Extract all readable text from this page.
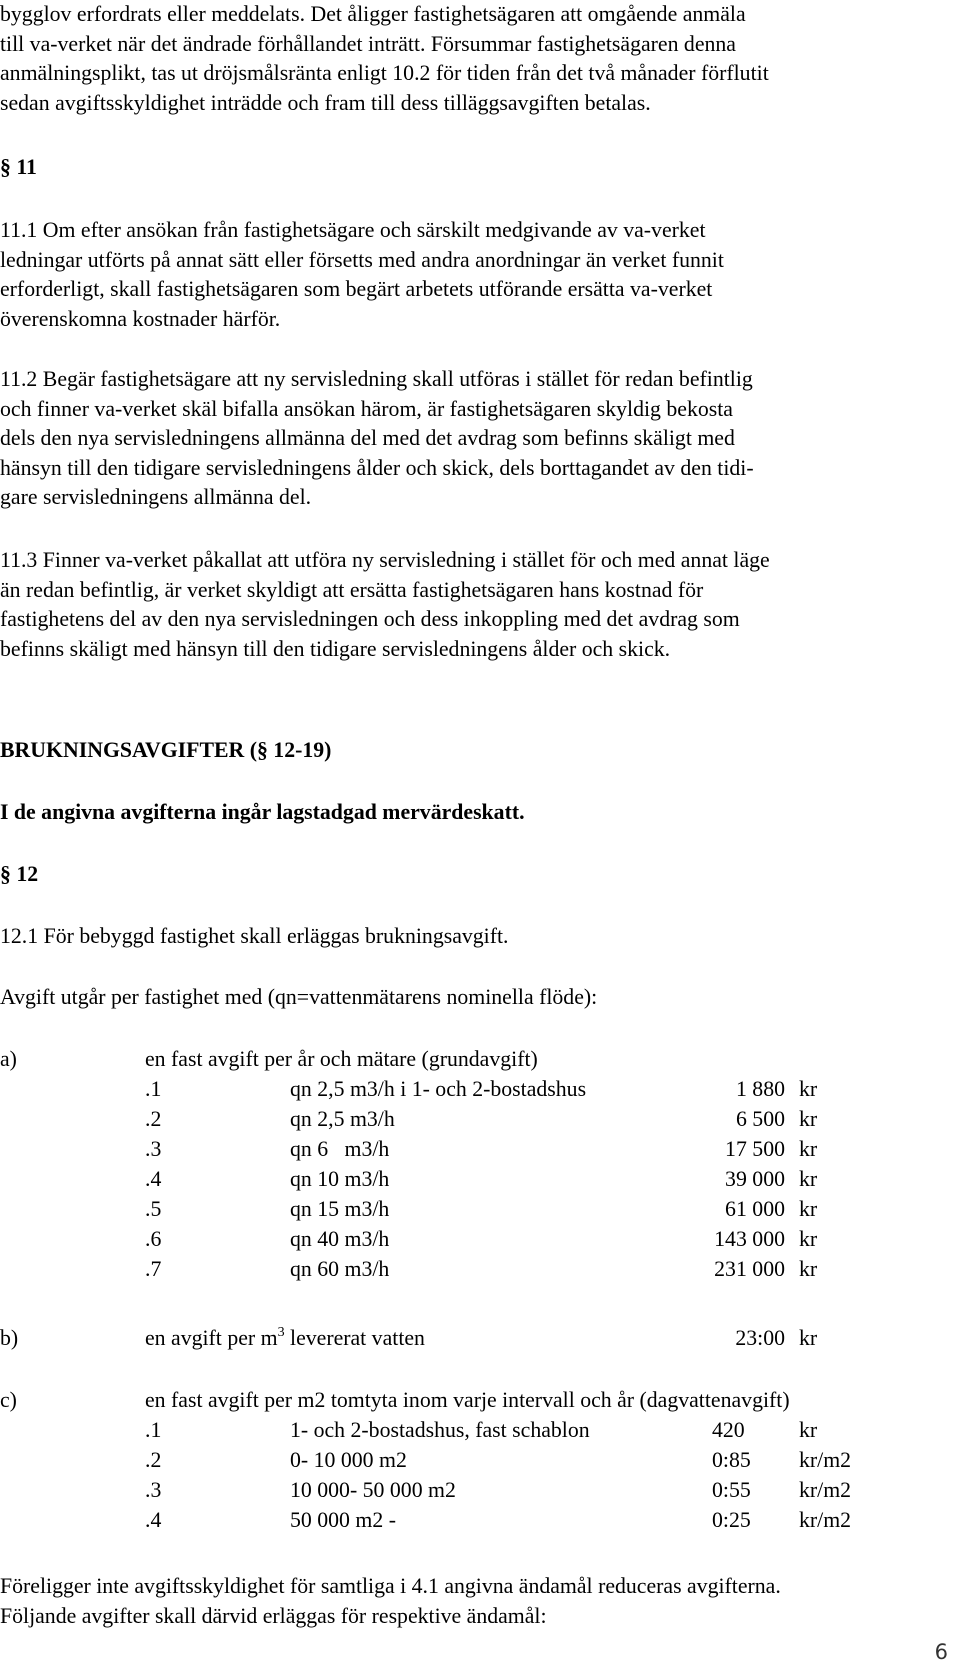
bygglov erfordrats eller meddelats. Det åligger fastighetsägaren att omgående anmäla
till va-verket när det ändrade förhållandet inträtt. Försummar fastighetsägaren denna
anmälningsplikt, tas ut dröjsmålsränta enligt 10.2 för tiden från det två månader förflutit
sedan avgiftsskyldighet inträdde och fram till dess tilläggsavgiften betalas.
§ 11
11.1 Om efter ansökan från fastighetsägare och särskilt medgivande av va-verket
ledningar utförts på annat sätt eller försetts med andra anordningar än verket funnit
erforderligt, skall fastighetsägaren som begärt arbetets utförande ersätta va-verket
överenskomna kostnader härför.
11.2 Begär fastighetsägare att ny servisledning skall utföras i stället för redan befintlig
och finner va-verket skäl bifalla ansökan härom, är fastighetsägaren skyldig bekosta
dels den nya servisledningens allmänna del med det avdrag som befinns skäligt med
hänsyn till den tidigare servisledningens ålder och skick, dels borttagandet av den tidi-
gare servisledningens allmänna del.
11.3 Finner va-verket påkallat att utföra ny servisledning i stället för och med annat läge
än redan befintlig, är verket skyldigt att ersätta fastighetsägaren hans kostnad för
fastighetens del av den nya servisledningen och dess inkoppling med det avdrag som
befinns skäligt med hänsyn till den tidigare servisledningens ålder och skick.
BRUKNINGSAVGIFTER (§ 12-19)
I de angivna avgifterna ingår lagstadgad mervärdeskatt.
§ 12
12.1 För bebyggd fastighet skall erläggas brukningsavgift.
Avgift utgår per fastighet med (qn=vattenmätarens nominella flöde):
a)	en fast avgift per år och mätare (grundavgift)
.1	qn 2,5 m3/h i 1- och 2-bostadshus	1 880 kr
.2	qn 2,5 m3/h	6 500 kr
.3	qn 6   m3/h	17 500 kr
.4	qn 10 m3/h	39 000 kr
.5	qn 15 m3/h	61 000 kr
.6	qn 40 m3/h	143 000 kr
.7	qn 60 m3/h	231 000 kr
b)	en avgift per $m^3$ levererat vatten	23:00 kr
c)	en fast avgift per m2 tomtyta inom varje intervall och år (dagvattenavgift)
.1	1- och 2-bostadshus, fast schablon	420 kr
.2	0- 10 000 m2	0:85 kr/m2
.3	10 000- 50 000 m2	0:55 kr/m2
.4	50 000 m2 -	0:25 kr/m2
Föreligger inte avgiftsskyldighet för samtliga i 4.1 angivna ändamål reduceras avgifterna.
Följande avgifter skall därvid erläggas för respektive ändamål:
6
